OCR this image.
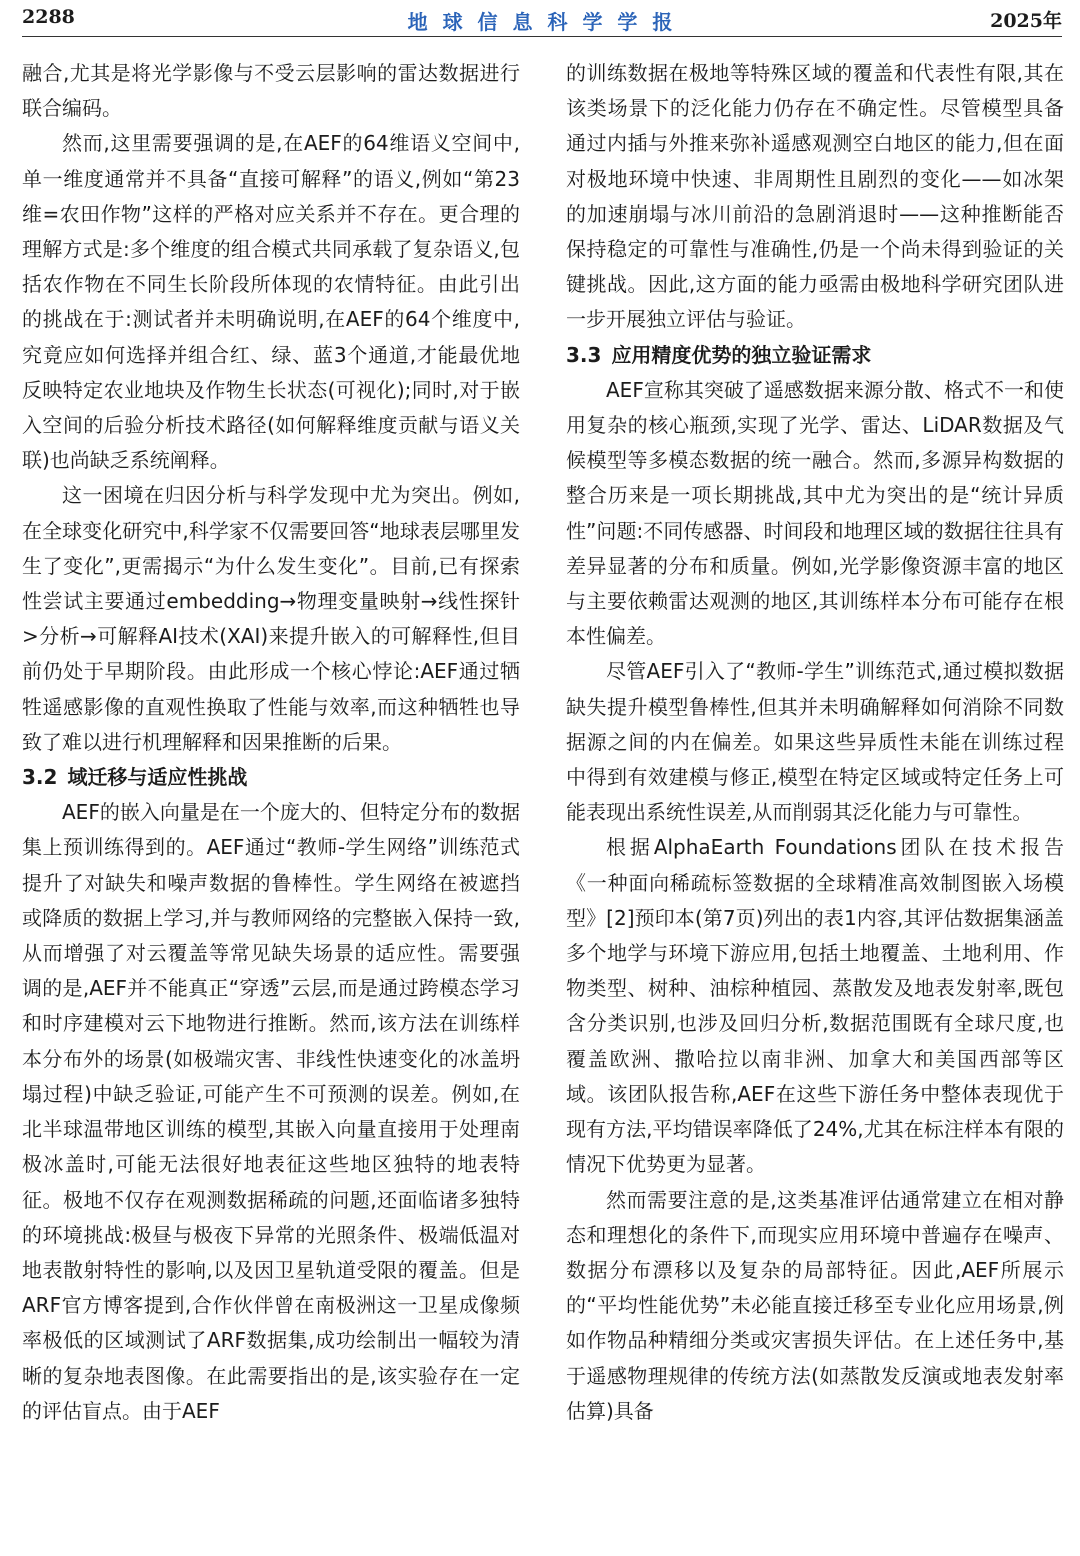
2288	地 球 信 息 科 学 学 报	2025年

融合,尤其是将光学影像与不受云层影响的雷达数据进行联合编码。

然而,这里需要强调的是,在AEF的64维语义空间中,单一维度通常并不具备“直接可解释”的语义,例如“第23维=农田作物”这样的严格对应关系并不存在。更合理的理解方式是:多个维度的组合模式共同承载了复杂语义,包括农作物在不同生长阶段所体现的农情特征。由此引出的挑战在于:测试者并未明确说明,在AEF的64个维度中,究竟应如何选择并组合红、绿、蓝3个通道,才能最优地反映特定农业地块及作物生长状态(可视化);同时,对于嵌入空间的后验分析技术路径(如何解释维度贡献与语义关联)也尚缺乏系统阐释。

这一困境在归因分析与科学发现中尤为突出。例如,在全球变化研究中,科学家不仅需要回答“地球表层哪里发生了变化”,更需揭示“为什么发生变化”。目前,已有探索性尝试主要通过embedding→物理变量映射→线性探针>分析→可解释AI技术(XAI)来提升嵌入的可解释性,但目前仍处于早期阶段。由此形成一个核心悖论:AEF通过牺牲遥感影像的直观性换取了性能与效率,而这种牺牲也导致了难以进行机理解释和因果推断的后果。

3.2 域迁移与适应性挑战

AEF的嵌入向量是在一个庞大的、但特定分布的数据集上预训练得到的。AEF通过“教师-学生网络”训练范式提升了对缺失和噪声数据的鲁棒性。学生网络在被遮挡或降质的数据上学习,并与教师网络的完整嵌入保持一致,从而增强了对云覆盖等常见缺失场景的适应性。需要强调的是,AEF并不能真正“穿透”云层,而是通过跨模态学习和时序建模对云下地物进行推断。然而,该方法在训练样本分布外的场景(如极端灾害、非线性快速变化的冰盖坍塌过程)中缺乏验证,可能产生不可预测的误差。例如,在北半球温带地区训练的模型,其嵌入向量直接用于处理南极冰盖时,可能无法很好地表征这些地区独特的地表特征。极地不仅存在观测数据稀疏的问题,还面临诸多独特的环境挑战:极昼与极夜下异常的光照条件、极端低温对地表散射特性的影响,以及因卫星轨道受限的覆盖。但是ARF官方博客提到,合作伙伴曾在南极洲这一卫星成像频率极低的区域测试了ARF数据集,成功绘制出一幅较为清晰的复杂地表图像。在此需要指出的是,该实验存在一定的评估盲点。由于AEF

的训练数据在极地等特殊区域的覆盖和代表性有限,其在该类场景下的泛化能力仍存在不确定性。尽管模型具备通过内插与外推来弥补遥感观测空白地区的能力,但在面对极地环境中快速、非周期性且剧烈的变化——如冰架的加速崩塌与冰川前沿的急剧消退时——这种推断能否保持稳定的可靠性与准确性,仍是一个尚未得到验证的关键挑战。因此,这方面的能力亟需由极地科学研究团队进一步开展独立评估与验证。

3.3 应用精度优势的独立验证需求

AEF宣称其突破了遥感数据来源分散、格式不一和使用复杂的核心瓶颈,实现了光学、雷达、LiDAR数据及气候模型等多模态数据的统一融合。然而,多源异构数据的整合历来是一项长期挑战,其中尤为突出的是“统计异质性”问题:不同传感器、时间段和地理区域的数据往往具有差异显著的分布和质量。例如,光学影像资源丰富的地区与主要依赖雷达观测的地区,其训练样本分布可能存在根本性偏差。

尽管AEF引入了“教师-学生”训练范式,通过模拟数据缺失提升模型鲁棒性,但其并未明确解释如何消除不同数据源之间的内在偏差。如果这些异质性未能在训练过程中得到有效建模与修正,模型在特定区域或特定任务上可能表现出系统性误差,从而削弱其泛化能力与可靠性。

根据AlphaEarth Foundations团队在技术报告《一种面向稀疏标签数据的全球精准高效制图嵌入场模型》[2]预印本(第7页)列出的表1内容,其评估数据集涵盖多个地学与环境下游应用,包括土地覆盖、土地利用、作物类型、树种、油棕种植园、蒸散发及地表发射率,既包含分类识别,也涉及回归分析,数据范围既有全球尺度,也覆盖欧洲、撒哈拉以南非洲、加拿大和美国西部等区域。该团队报告称,AEF在这些下游任务中整体表现优于现有方法,平均错误率降低了24%,尤其在标注样本有限的情况下优势更为显著。

然而需要注意的是,这类基准评估通常建立在相对静态和理想化的条件下,而现实应用环境中普遍存在噪声、数据分布漂移以及复杂的局部特征。因此,AEF所展示的“平均性能优势”未必能直接迁移至专业化应用场景,例如作物品种精细分类或灾害损失评估。在上述任务中,基于遥感物理规律的传统方法(如蒸散发反演或地表发射率估算)具备
